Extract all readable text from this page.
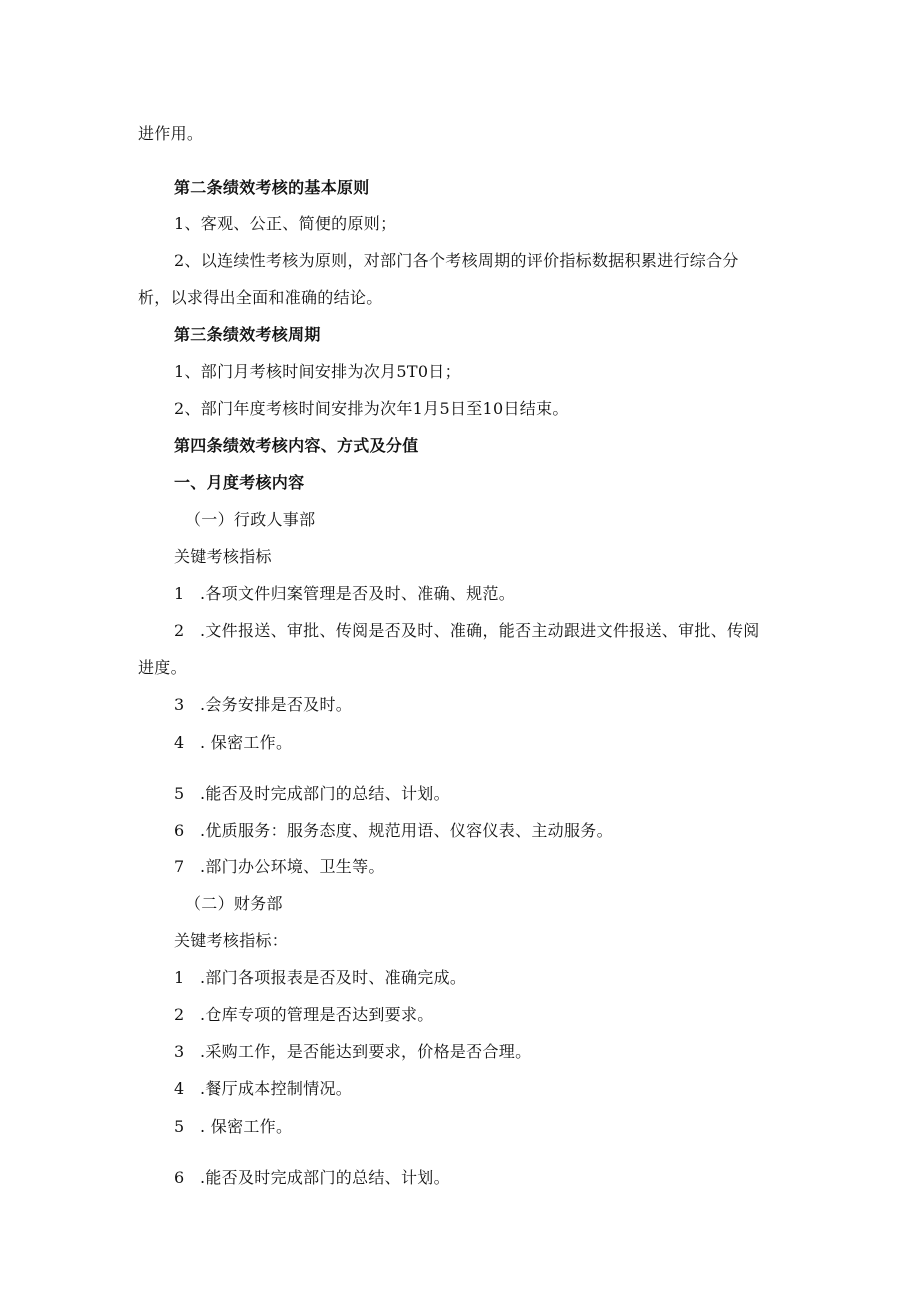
进作用。
第二条绩效考核的基本原则
1、客观、公正、简便的原则；
2、以连续性考核为原则，对部门各个考核周期的评价指标数据积累进行综合分
析，以求得出全面和准确的结论。
第三条绩效考核周期
1、部门月考核时间安排为次月5T0日；
2、部门年度考核时间安排为次年1月5日至10日结束。
第四条绩效考核内容、方式及分值
一、月度考核内容
（一）行政人事部
关键考核指标
1 .各项文件归案管理是否及时、准确、规范。
2 .文件报送、审批、传阅是否及时、准确，能否主动跟进文件报送、审批、传阅
进度。
3 .会务安排是否及时。
4 . 保密工作。
5 .能否及时完成部门的总结、计划。
6 .优质服务：服务态度、规范用语、仪容仪表、主动服务。
7 .部门办公环境、卫生等。
（二）财务部
关键考核指标：
1 .部门各项报表是否及时、准确完成。
2 .仓库专项的管理是否达到要求。
3 .采购工作，是否能达到要求，价格是否合理。
4 .餐厅成本控制情况。
5 . 保密工作。
6 .能否及时完成部门的总结、计划。
